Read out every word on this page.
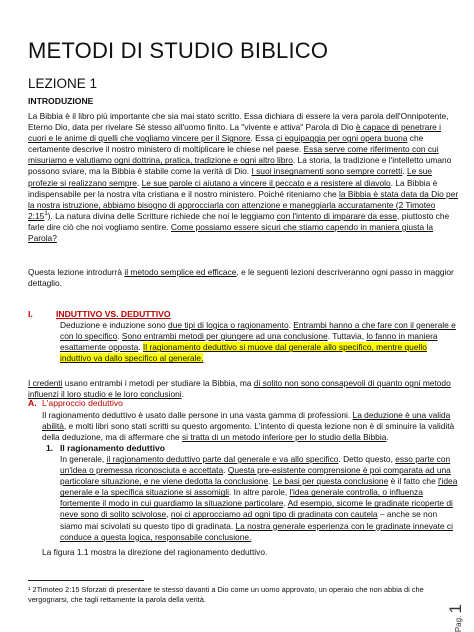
METODI DI STUDIO BIBLICO
LEZIONE 1
INTRODUZIONE

La Bibbia è il libro più importante che sia mai stato scritto. Essa dichiara di essere la vera parola dell'Onnipotente, Eterno Dio, data per rivelare Sé stesso all'uomo finito. La "vivente e attiva" Parola di Dio è capace di penetrare i cuori e le anime di quelli che vogliamo vincere per il Signore. Essa ci equipaggia per ogni opera buona che certamente descrive il nostro ministero di moltiplicare le chiese nel paese. Essa serve come riferimento con cui misuriamo e valutiamo ogni dottrina, pratica, tradizione e ogni altro libro. La storia, la tradizione e l'intelletto umano possono sviare, ma la Bibbia è stabile come la verità di Dio. I suoi insegnamenti sono sempre corretti. Le sue profezie si realizzano sempre. Le sue parole ci aiutano a vincere il peccato e a resistere al diavolo. La Bibbia è indispensabile per la nostra vita cristiana e il nostro ministero. Poiché riteniamo che la Bibbia è stata data da Dio per la nostra istruzione, abbiamo bisogno di approcciarla con attenzione e maneggiarla accuratamente (2 Timoteo $2:15^1$). La natura divina delle Scritture richiede che noi le leggiamo con l'intento di imparare da esse, piuttosto che farle dire ciò che noi vogliamo sentire. Come possiamo essere sicuri che stiamo capendo in maniera giusta la Parola?

Questa lezione introdurrà il metodo semplice ed efficace, e le seguenti lezioni descriveranno ogni passo in maggior dettaglio.

I.	INDUTTIVO VS. DEDUTTIVO

Deduzione e induzione sono due tipi di logica o ragionamento. Entrambi hanno a che fare con il generale e con lo specifico. Sono entrambi metodi per giungere ad una conclusione. Tuttavia, lo fanno in maniera esattamente opposta. Il ragionamento deduttivo si muove dal generale allo specifico, mentre quello induttivo va dallo specifico al generale.

I credenti usano entrambi i metodi per studiare la Bibbia, ma di solito non sono consapevoli di quanto ogni metodo influenzi il loro studio e le loro conclusioni.

A. L'approccio deduttivo

Il ragionamento deduttivo è usato dalle persone in una vasta gamma di professioni. La deduzione è una valida abilità, e molti libri sono stati scritti su questo argomento. L'intento di questa lezione non è di sminuire la validità della deduzione, ma di affermare che si tratta di un metodo inferiore per lo studio della Bibbia.

1. Il ragionamento deduttivo

In generale, il ragionamento deduttivo parte dal generale e va allo specifico. Detto questo, esso parte con un'idea o premessa riconosciuta e accettata. Questa pre-esistente comprensione è poi comparata ad una particolare situazione, e ne viene dedotta la conclusione. Le basi per questa conclusione è il fatto che l'idea generale e la specifica situazione si assomigli. In altre parole, l'idea generale controlla, o influenza fortemente il modo in cui guardiamo la situazione particolare. Ad esempio, sicome le gradinate ricoperte di neve sono di solito scivolose, noi ci approcciamo ad ogni tipo di gradinata con cautela – anche se non siamo mai scivolati su questo tipo di gradinata. La nostra generale esperienza con le gradinate innevate ci conduce a questa logica, responsabile conclusione.

La figura 1.1 mostra la direzione del ragionamento deduttivo.

¹ 2Timoteo 2:15 Sforzati di presentare te stesso davanti a Dio come un uomo approvato, un operaio che non abbia di che vergognarsi, che tagli rettamente la parola della verità.

Pag. 1
